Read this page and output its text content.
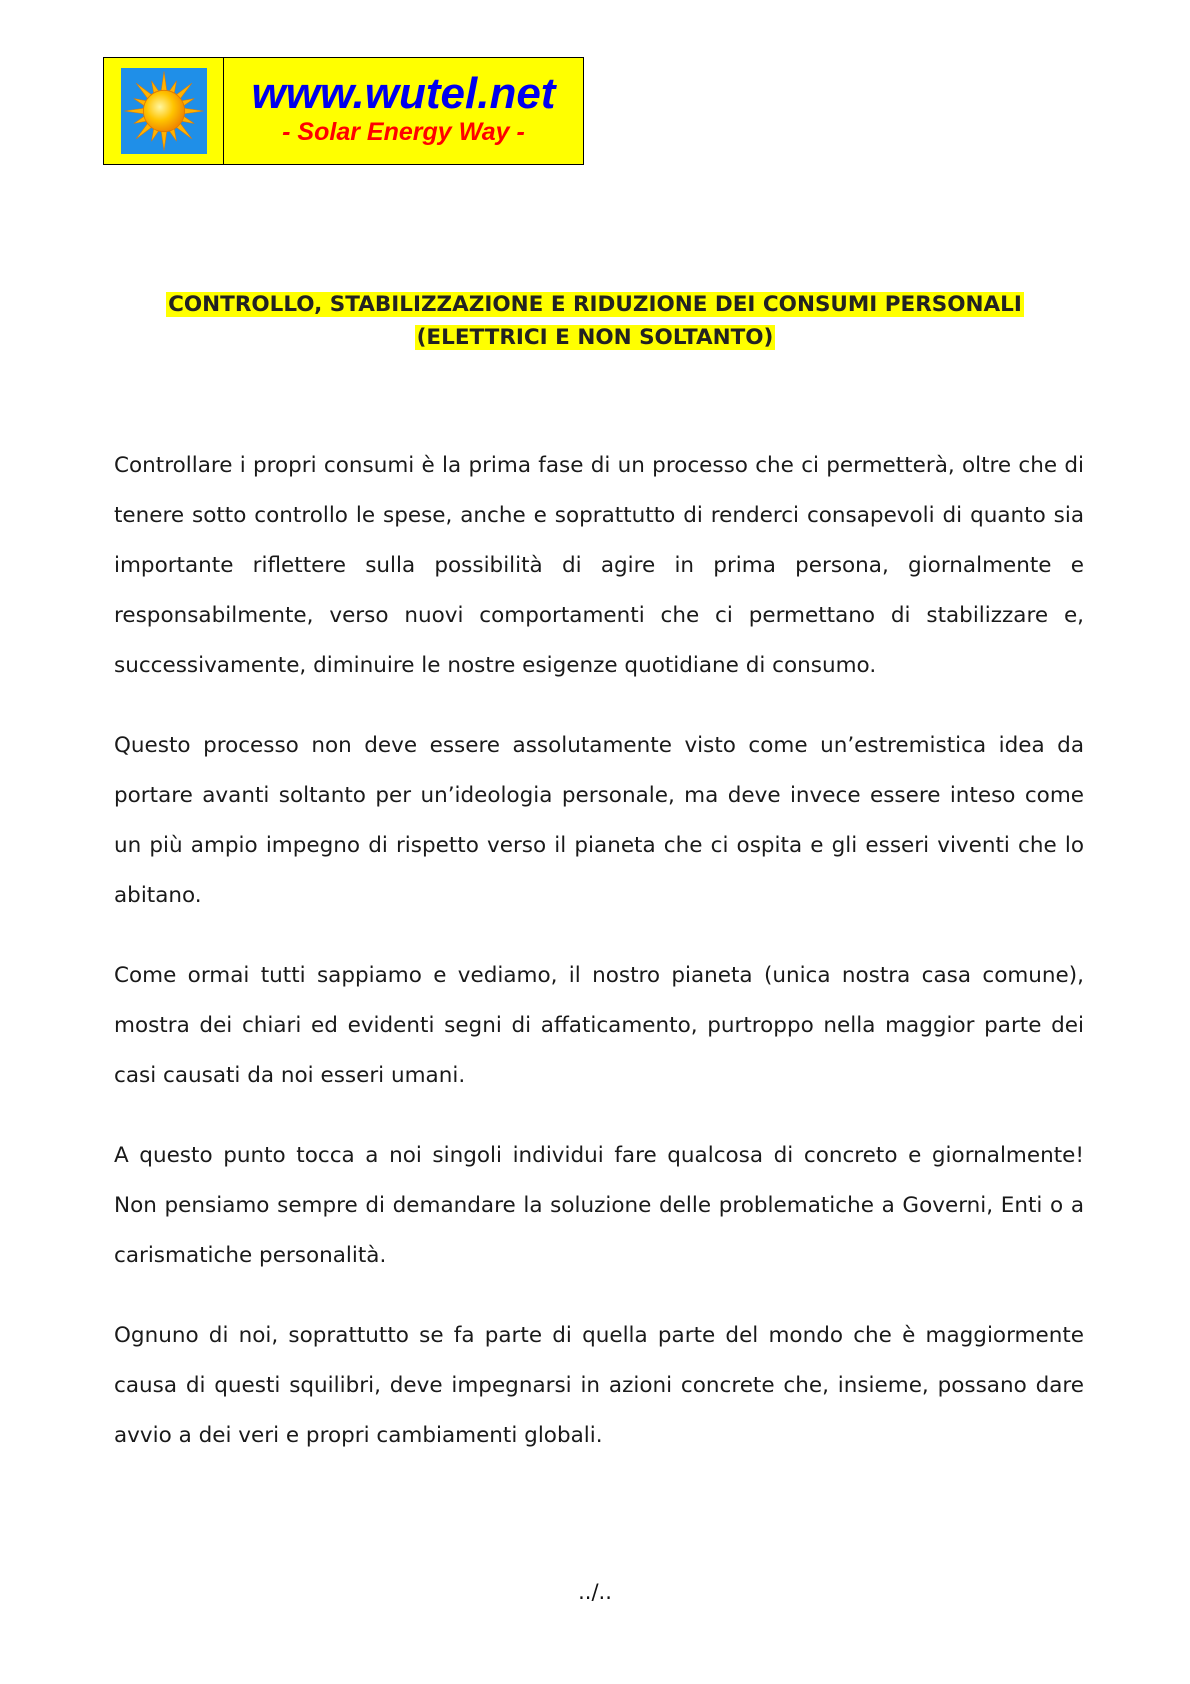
www.wutel.net
- Solar Energy Way -
CONTROLLO, STABILIZZAZIONE E RIDUZIONE DEI CONSUMI PERSONALI
(ELETTRICI E NON SOLTANTO)

Controllare i propri consumi è la prima fase di un processo che ci permetterà, oltre che di tenere sotto controllo le spese, anche e soprattutto di renderci consapevoli di quanto sia importante riflettere sulla possibilità di agire in prima persona, giornalmente e responsabilmente, verso nuovi comportamenti che ci permettano di stabilizzare e, successivamente, diminuire le nostre esigenze quotidiane di consumo.

Questo processo non deve essere assolutamente visto come un’estremistica idea da portare avanti soltanto per un’ideologia personale, ma deve invece essere inteso come un più ampio impegno di rispetto verso il pianeta che ci ospita e gli esseri viventi che lo abitano.

Come ormai tutti sappiamo e vediamo, il nostro pianeta (unica nostra casa comune), mostra dei chiari ed evidenti segni di affaticamento, purtroppo nella maggior parte dei casi causati da noi esseri umani.

A questo punto tocca a noi singoli individui fare qualcosa di concreto e giornalmente! Non pensiamo sempre di demandare la soluzione delle problematiche a Governi, Enti o a carismatiche personalità.

Ognuno di noi, soprattutto se fa parte di quella parte del mondo che è maggiormente causa di questi squilibri, deve impegnarsi in azioni concrete che, insieme, possano dare avvio a dei veri e propri cambiamenti globali.

../..
